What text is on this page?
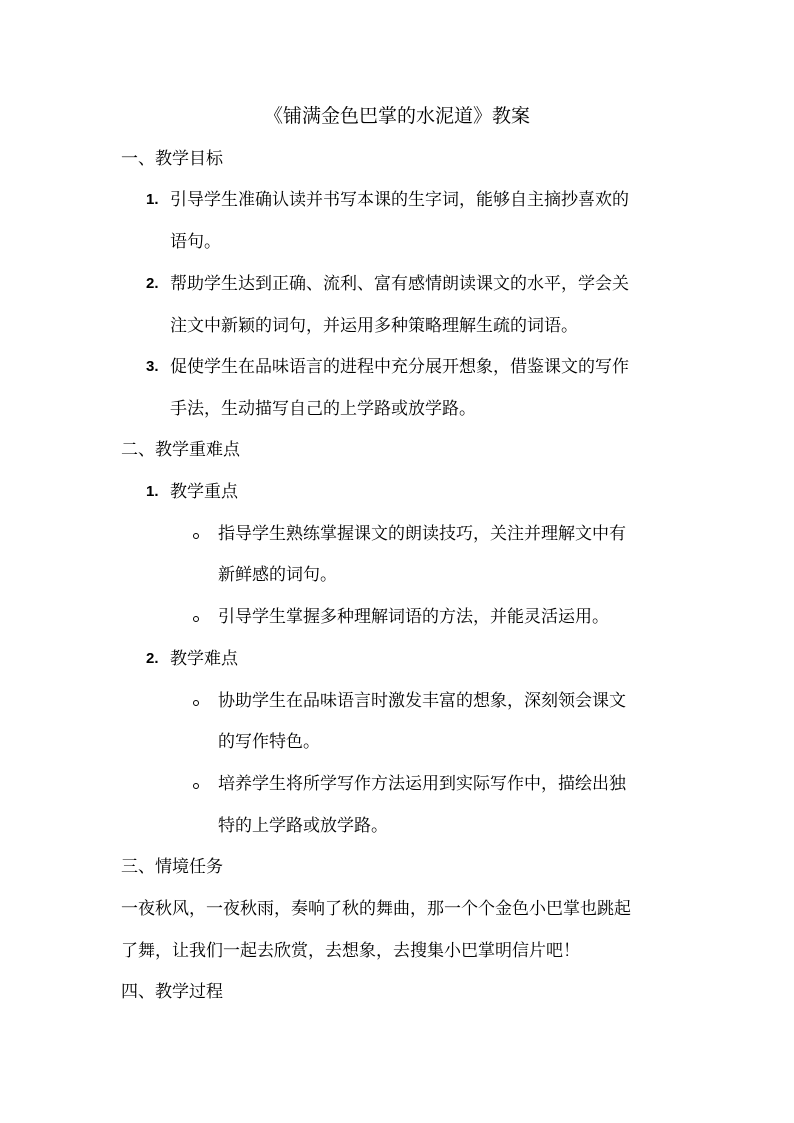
《铺满金色巴掌的水泥道》教案
一、教学目标
1. 引导学生准确认读并书写本课的生字词，能够自主摘抄喜欢的
语句。
2. 帮助学生达到正确、流利、富有感情朗读课文的水平，学会关
注文中新颖的词句，并运用多种策略理解生疏的词语。
3. 促使学生在品味语言的进程中充分展开想象，借鉴课文的写作
手法，生动描写自己的上学路或放学路。
二、教学重难点
1. 教学重点
指导学生熟练掌握课文的朗读技巧，关注并理解文中有
新鲜感的词句。
引导学生掌握多种理解词语的方法，并能灵活运用。
2. 教学难点
协助学生在品味语言时激发丰富的想象，深刻领会课文
的写作特色。
培养学生将所学写作方法运用到实际写作中，描绘出独
特的上学路或放学路。
三、情境任务
一夜秋风，一夜秋雨，奏响了秋的舞曲，那一个个金色小巴掌也跳起
了舞，让我们一起去欣赏，去想象，去搜集小巴掌明信片吧！
四、教学过程
